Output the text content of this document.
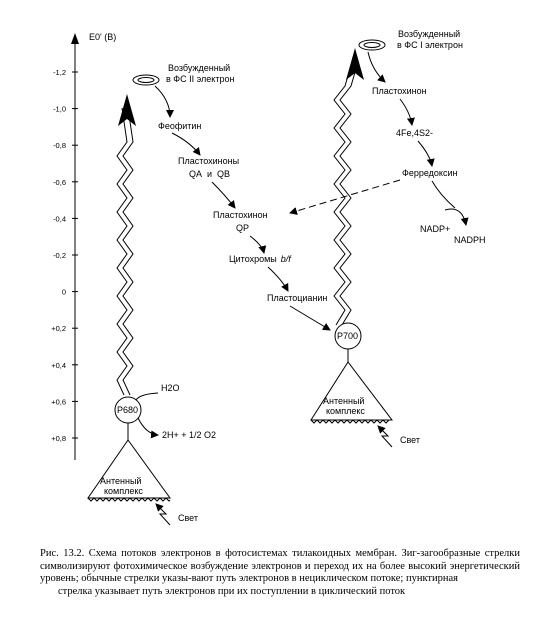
E0' (B)
-1,2
-1,0
-0,8
-0,6
-0,4
-0,2
0
+0,2
+0,4
+0,6
+0,8
Возбужденный
в ФС II электрон
Феофитин
Пластохиноны
QA и QB
Пластохинон
QP
Цитохромы b/f
Пластоцианин
Возбужденный
в ФС I электрон
Пластохинон
4Fe,4S2-
Ферредоксин
NADP+
NADPH
P680
H2O
2H+ + 1/2 O2
Антенный
комплекс
Свет
P700
Антенный
комплекс
Свет

Рис. 13.2. Схема потоков электронов в фотосистемах тилакоидных мембран. Зиг-загообразные стрелки символизируют фотохимическое возбуждение электронов и переход их на более высокий энергетический уровень; обычные стрелки указы-вают путь электронов в нециклическом потоке; пунктирная

стрелка указывает путь электронов при их поступлении в циклический поток
